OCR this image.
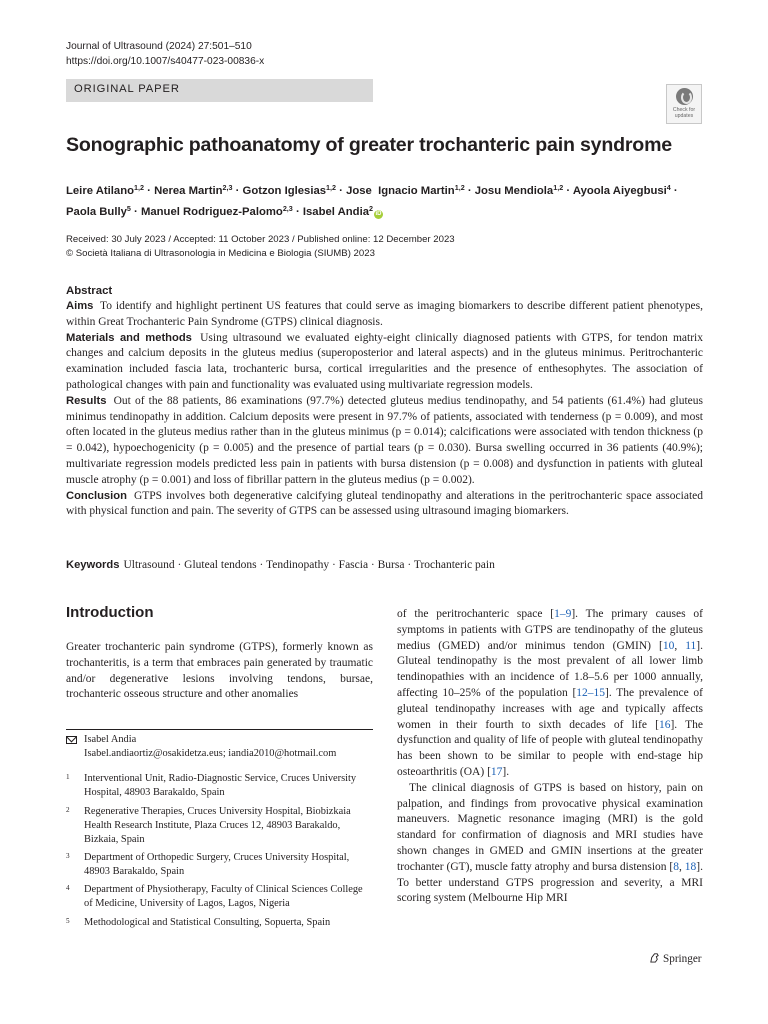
Journal of Ultrasound (2024) 27:501–510
https://doi.org/10.1007/s40477-023-00836-x
ORIGINAL PAPER
Check for
updates
Sonographic pathoanatomy of greater trochanteric pain syndrome
Leire Atilano$^{1,2}$ · Nerea Martin$^{2,3}$ · Gotzon Iglesias$^{1,2}$ · Jose  Ignacio Martin$^{1,2}$ · Josu Mendiola$^{1,2}$ · Ayoola Aiyegbusi$^4$ ·
Paola Bully$^5$ · Manuel Rodriguez‑Palomo$^{2,3}$ · Isabel Andia$^2$iD
Received: 30 July 2023 / Accepted: 11 October 2023 / Published online: 12 December 2023
© Società Italiana di Ultrasonologia in Medicina e Biologia (SIUMB) 2023
Abstract

Aims To identify and highlight pertinent US features that could serve as imaging biomarkers to describe different patient phenotypes, within Great Trochanteric Pain Syndrome (GTPS) clinical diagnosis.

Materials and methods Using ultrasound we evaluated eighty-eight clinically diagnosed patients with GTPS, for tendon matrix changes and calcium deposits in the gluteus medius (superoposterior and lateral aspects) and in the gluteus minimus. Peritrochanteric examination included fascia lata, trochanteric bursa, cortical irregularities and the presence of enthesophytes. The association of pathological changes with pain and functionality was evaluated using multivariate regression models.

Results Out of the 88 patients, 86 examinations (97.7%) detected gluteus medius tendinopathy, and 54 patients (61.4%) had gluteus minimus tendinopathy in addition. Calcium deposits were present in 97.7% of patients, associated with tenderness (p = 0.009), and most often located in the gluteus medius rather than in the gluteus minimus (p = 0.014); calcifications were associated with tendon thickness (p = 0.042), hypoechogenicity (p = 0.005) and the presence of partial tears (p = 0.030). Bursa swelling occurred in 36 patients (40.9%); multivariate regression models predicted less pain in patients with bursa distension (p = 0.008) and dysfunction in patients with gluteal muscle atrophy (p = 0.001) and loss of fibrillar pattern in the gluteus medius (p = 0.002).

Conclusion GTPS involves both degenerative calcifying gluteal tendinopathy and alterations in the peritrochanteric space associated with physical function and pain. The severity of GTPS can be assessed using ultrasound imaging biomarkers.

Keywords Ultrasound · Gluteal tendons · Tendinopathy · Fascia · Bursa · Trochanteric pain
Introduction

Greater trochanteric pain syndrome (GTPS), formerly known as trochanteritis, is a term that embraces pain generated by traumatic and/or degenerative lesions involving tendons, bursae, trochanteric osseous structure and other anomalies

of the peritrochanteric space [1–9]. The primary causes of symptoms in patients with GTPS are tendinopathy of the gluteus medius (GMED) and/or minimus tendon (GMIN) [10, 11]. Gluteal tendinopathy is the most prevalent of all lower limb tendinopathies with an incidence of 1.8–5.6 per 1000 annually, affecting 10–25% of the population [12–15]. The prevalence of gluteal tendinopathy increases with age and typically affects women in their fourth to sixth decades of life [16]. The dysfunction and quality of life of people with gluteal tendinopathy has been shown to be similar to people with end-stage hip osteoarthritis (OA) [17].

The clinical diagnosis of GTPS is based on history, pain on palpation, and findings from provocative physical examination maneuvers. Magnetic resonance imaging (MRI) is the gold standard for confirmation of diagnosis and MRI studies have shown changes in GMED and GMIN insertions at the greater trochanter (GT), muscle fatty atrophy and bursa distension [8, 18]. To better understand GTPS progression and severity, a MRI scoring system (Melbourne Hip MRI

Isabel Andia
Isabel.andiaortiz@osakidetza.eus; iandia2010@hotmail.com
1 Interventional Unit, Radio-Diagnostic Service, Cruces University Hospital, 48903 Barakaldo, Spain
2 Regenerative Therapies, Cruces University Hospital, Biobizkaia Health Research Institute, Plaza Cruces 12, 48903 Barakaldo, Bizkaia, Spain
3 Department of Orthopedic Surgery, Cruces University Hospital, 48903 Barakaldo, Spain
4 Department of Physiotherapy, Faculty of Clinical Sciences College of Medicine, University of Lagos, Lagos, Nigeria
5 Methodological and Statistical Consulting, Sopuerta, Spain
Springer
